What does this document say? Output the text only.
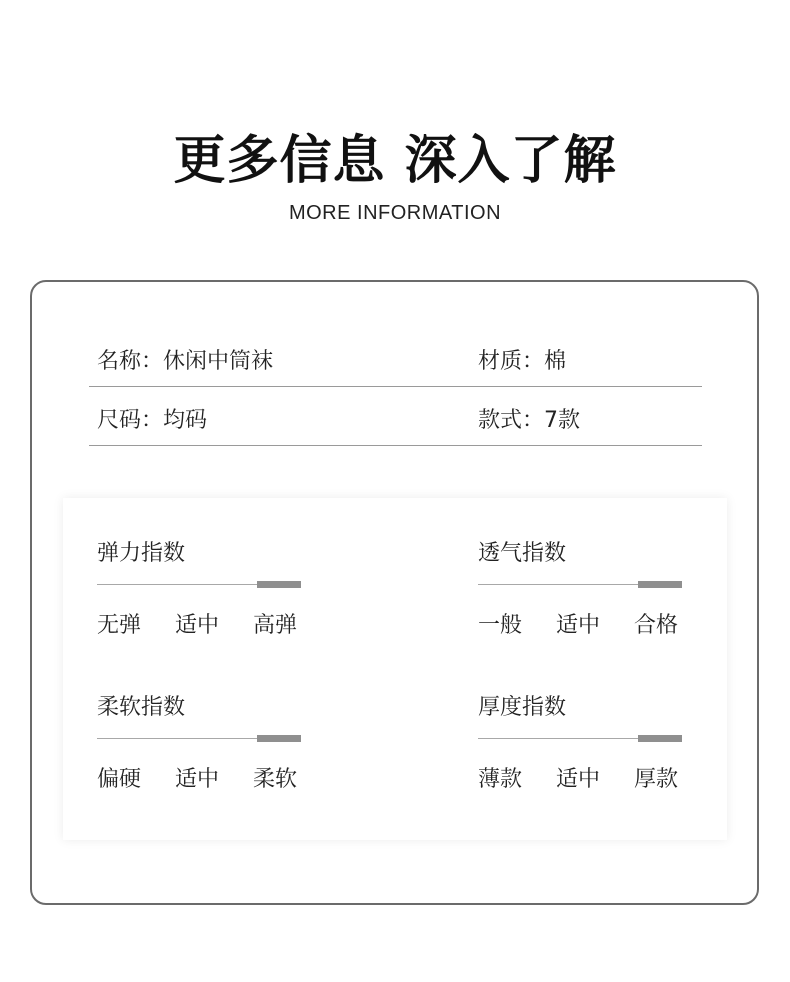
更多信息 深入了解
MORE INFORMATION
名称：休闲中筒袜	材质：棉
尺码：均码	款式：7款
弹力指数
无弹 适中 高弹
透气指数
一般 适中 合格
柔软指数
偏硬 适中 柔软
厚度指数
薄款 适中 厚款
